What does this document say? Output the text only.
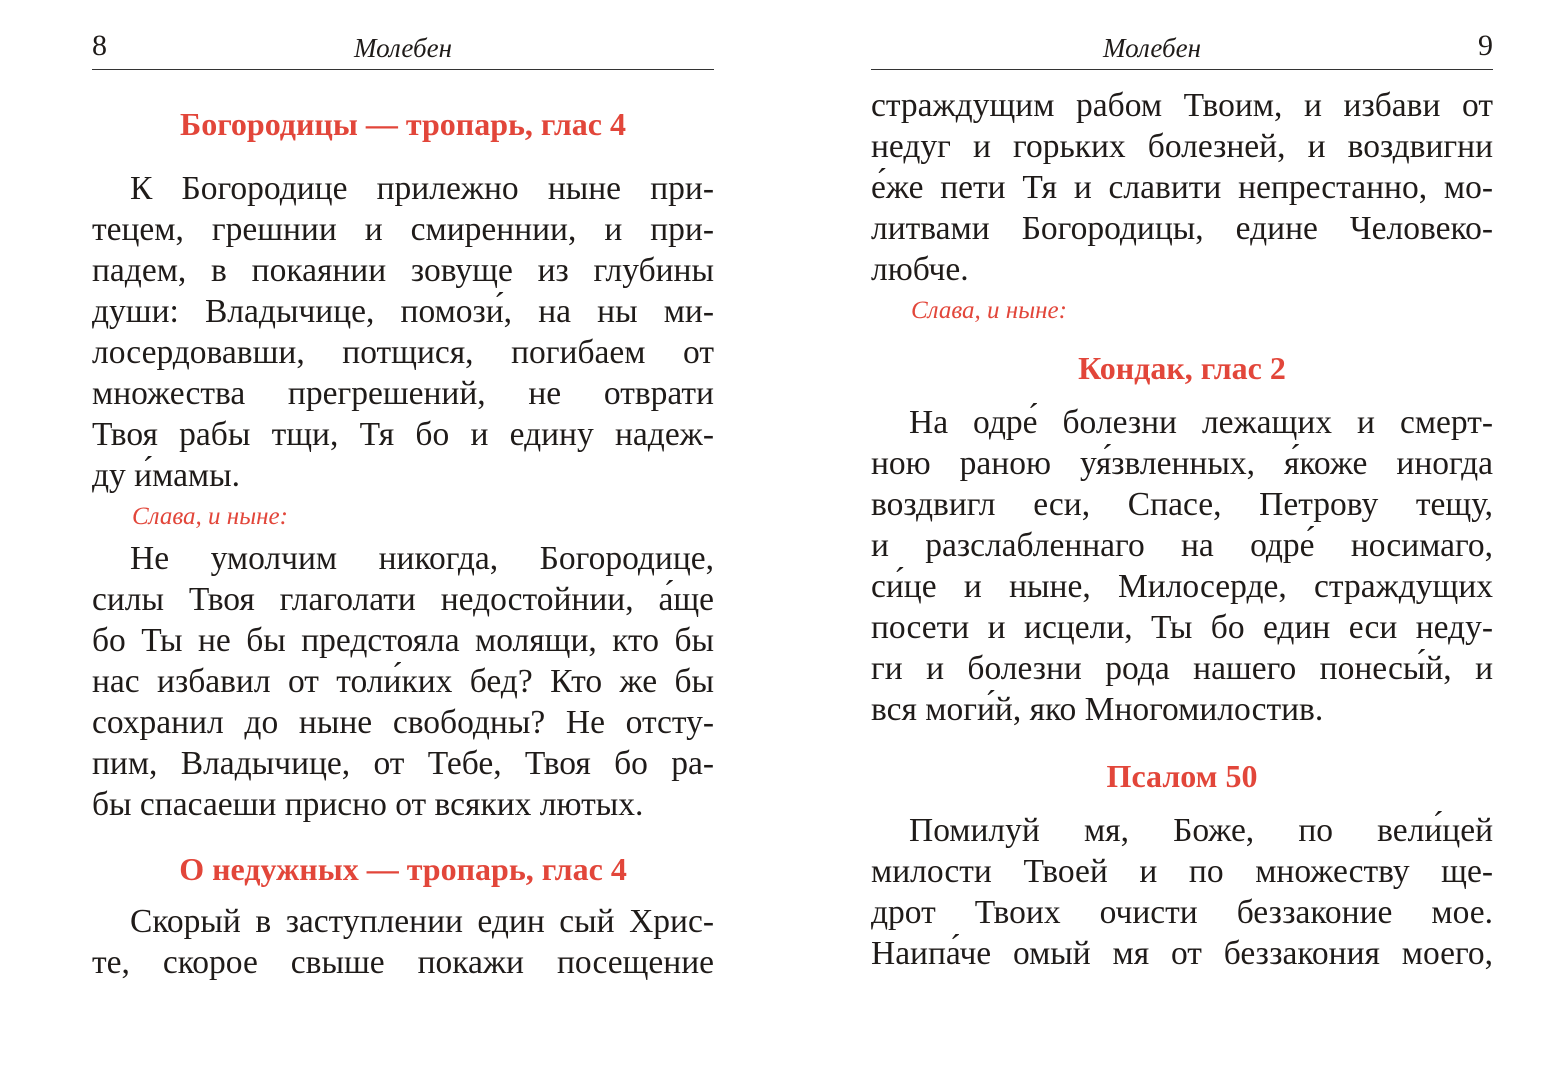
8	Молебен
Богородицы — тропарь, глас 4
К Богородице прилежно ныне при-
тецем, грешнии и смиреннии, и при-
падем, в покаянии зовуще из глубины
души: Владычице, помози́, на ны ми-
лосердовавши, потщися, погибаем от
множества прегрешений, не отврати
Твоя рабы тщи, Тя бо и едину надеж-
ду и́мамы.

Слава, и ныне:

Не умолчим никогда, Богородице,
силы Твоя глаголати недостойнии, а́ще
бо Ты не бы предстояла молящи, кто бы
нас избавил от толи́ких бед? Кто же бы
сохранил до ныне свободны? Не отсту-
пим, Владычице, от Тебе, Твоя бо ра-
бы спасаеши присно от всяких лютых.
О недужных — тропарь, глас 4
Скорый в заступлении един сый Хрис-
те, скорое свыше покажи посещение
Молебен	9
страждущим рабом Твоим, и избави от
недуг и горьких болезней, и воздвигни
е́же пети Тя и славити непрестанно, мо-
литвами Богородицы, едине Человеко-
любче.

Слава, и ныне:

Кондак, глас 2
На одре́ болезни лежащих и смерт-
ною раною уя́звленных, я́коже иногда
воздвигл еси, Спасе, Петрову тещу,
и разслабленнаго на одре́ носимаго,
си́це и ныне, Милосерде, страждущих
посети и исцели, Ты бо един еси неду-
ги и болезни рода нашего понесы́й, и
вся моги́й, яко Многомилостив.
Псалом 50
Помилуй мя, Боже, по вели́цей
милости Твоей и по множеству ще-
дрот Твоих очисти беззаконие мое.
Наипа́че омый мя от беззакония моего,
